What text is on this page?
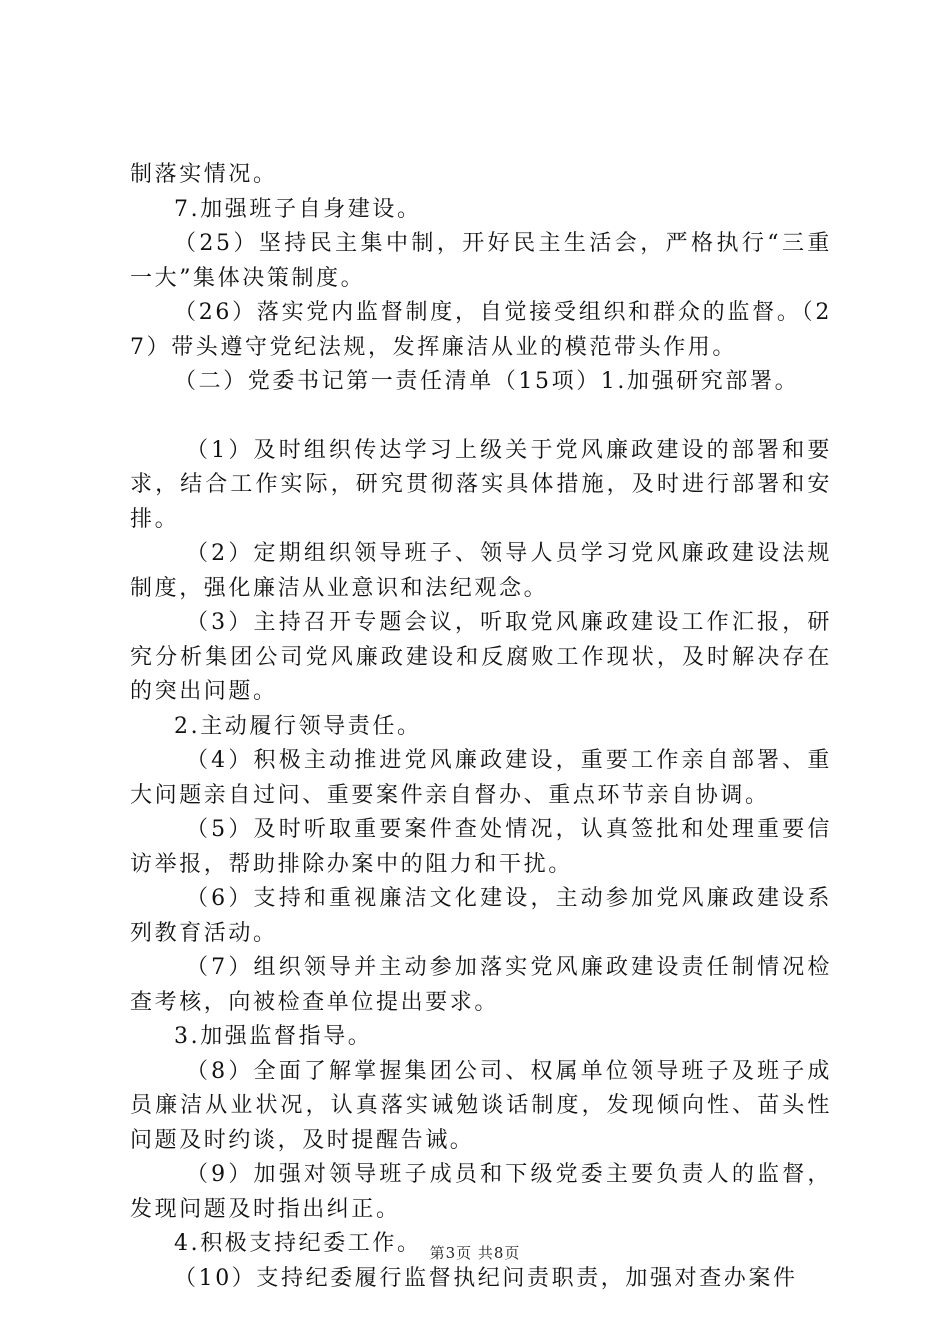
制落实情况。

7.加强班子自身建设。

（25）坚持民主集中制，开好民主生活会，严格执行“三重一大”集体决策制度。

（26）落实党内监督制度，自觉接受组织和群众的监督。（27）带头遵守党纪法规，发挥廉洁从业的模范带头作用。

（二）党委书记第一责任清单（15项）1.加强研究部署。

（1）及时组织传达学习上级关于党风廉政建设的部署和要求，结合工作实际，研究贯彻落实具体措施，及时进行部署和安排。

（2）定期组织领导班子、领导人员学习党风廉政建设法规制度，强化廉洁从业意识和法纪观念。

（3）主持召开专题会议，听取党风廉政建设工作汇报，研究分析集团公司党风廉政建设和反腐败工作现状，及时解决存在的突出问题。

2.主动履行领导责任。

（4）积极主动推进党风廉政建设，重要工作亲自部署、重大问题亲自过问、重要案件亲自督办、重点环节亲自协调。

（5）及时听取重要案件查处情况，认真签批和处理重要信访举报，帮助排除办案中的阻力和干扰。

（6）支持和重视廉洁文化建设，主动参加党风廉政建设系列教育活动。

（7）组织领导并主动参加落实党风廉政建设责任制情况检查考核，向被检查单位提出要求。

3.加强监督指导。

（8）全面了解掌握集团公司、权属单位领导班子及班子成员廉洁从业状况，认真落实诫勉谈话制度，发现倾向性、苗头性问题及时约谈，及时提醒告诫。

（9）加强对领导班子成员和下级党委主要负责人的监督，发现问题及时指出纠正。

4.积极支持纪委工作。

（10）支持纪委履行监督执纪问责职责，加强对查办案件

第3页 共8页
